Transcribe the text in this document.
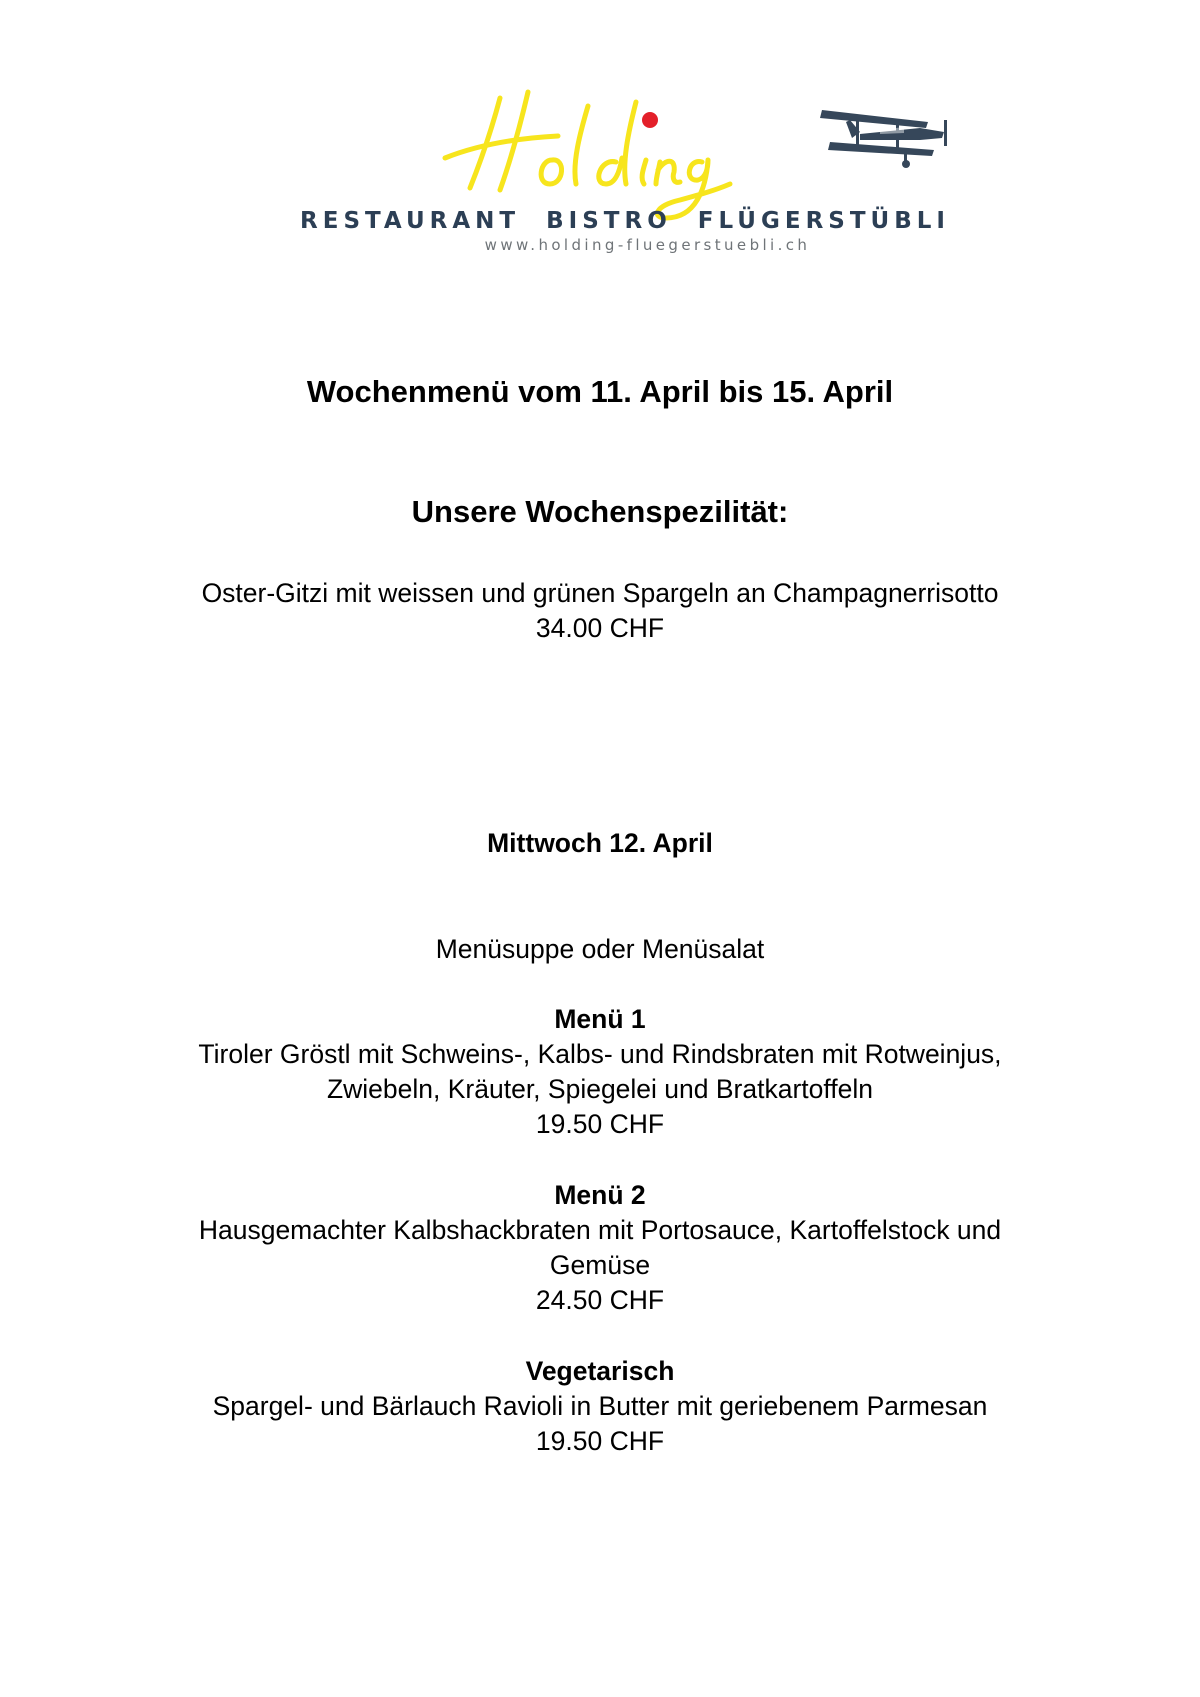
RESTAURANT  BISTRO  FLÜGERSTÜBLI
www.holding-fluegerstuebli.ch
Wochenmenü vom 11. April bis 15. April
Unsere Wochenspezilität:
Oster-Gitzi mit weissen und grünen Spargeln an Champagnerrisotto
34.00 CHF
Mittwoch 12. April
Menüsuppe oder Menüsalat
Menü 1
Tiroler Gröstl mit Schweins-, Kalbs- und Rindsbraten mit Rotweinjus, Zwiebeln, Kräuter, Spiegelei und Bratkartoffeln
19.50 CHF
Menü 2
Hausgemachter Kalbshackbraten mit Portosauce, Kartoffelstock und Gemüse
24.50 CHF
Vegetarisch
Spargel- und Bärlauch Ravioli in Butter mit geriebenem Parmesan
19.50 CHF
